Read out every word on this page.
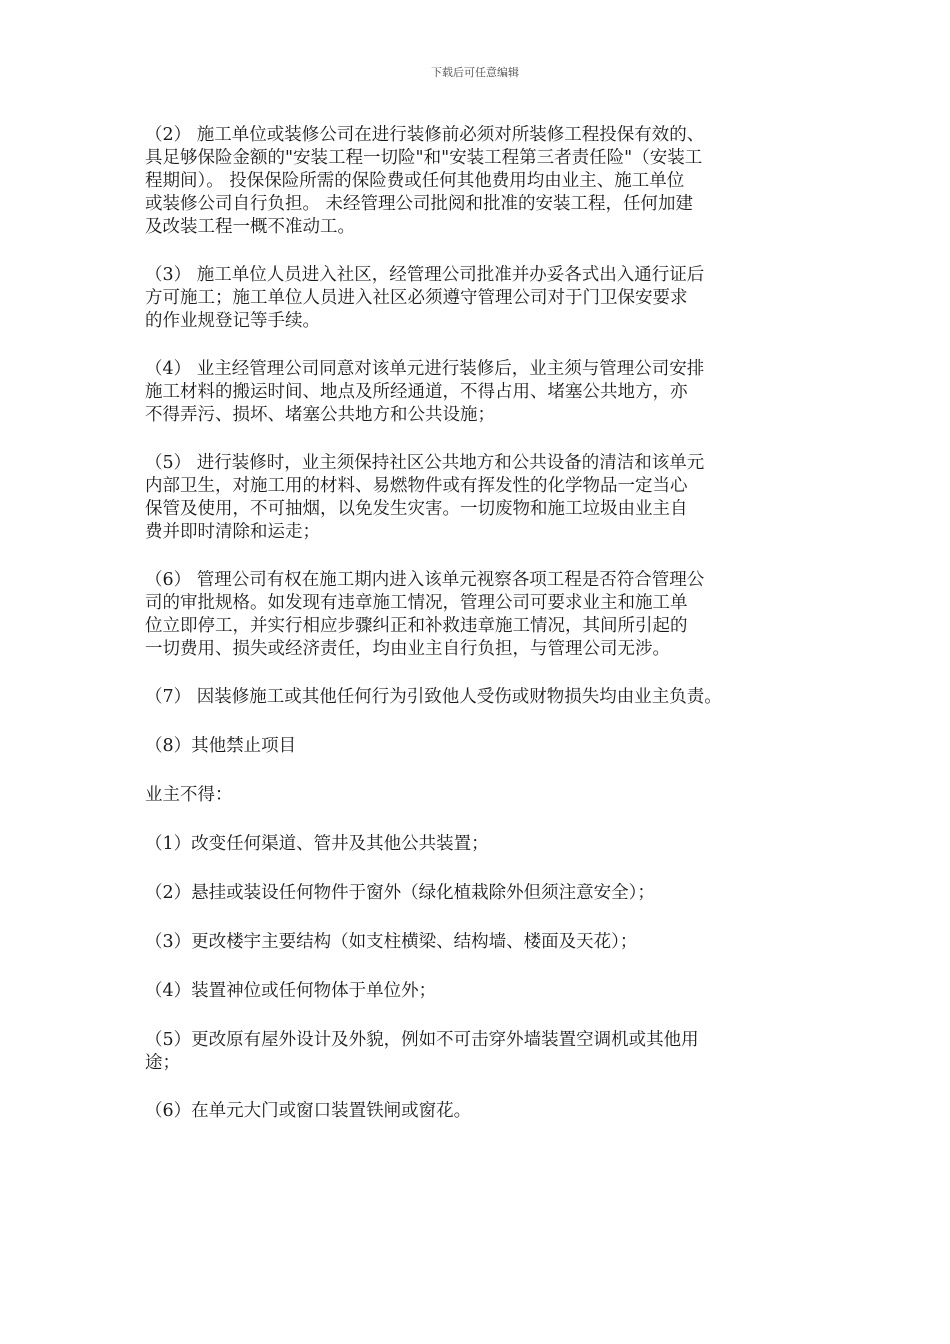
下载后可任意编辑

（2） 施工单位或装修公司在进行装修前必须对所装修工程投保有效的、
具足够保险金额的"安装工程一切险"和"安装工程第三者责任险"（安装工
程期间）。 投保保险所需的保险费或任何其他费用均由业主、施工单位
或装修公司自行负担。 未经管理公司批阅和批准的安装工程，任何加建
及改装工程一概不准动工。

（3） 施工单位人员进入社区，经管理公司批准并办妥各式出入通行证后
方可施工；施工单位人员进入社区必须遵守管理公司对于门卫保安要求
的作业规登记等手续。

（4） 业主经管理公司同意对该单元进行装修后，业主须与管理公司安排
施工材料的搬运时间、地点及所经通道，不得占用、堵塞公共地方，亦
不得弄污、损坏、堵塞公共地方和公共设施；

（5） 进行装修时，业主须保持社区公共地方和公共设备的清洁和该单元
内部卫生，对施工用的材料、易燃物件或有挥发性的化学物品一定当心
保管及使用，不可抽烟，以免发生灾害。一切废物和施工垃圾由业主自
费并即时清除和运走；

（6） 管理公司有权在施工期内进入该单元视察各项工程是否符合管理公
司的审批规格。如发现有违章施工情况，管理公司可要求业主和施工单
位立即停工，并实行相应步骤纠正和补救违章施工情况，其间所引起的
一切费用、损失或经济责任，均由业主自行负担，与管理公司无涉。

（7） 因装修施工或其他任何行为引致他人受伤或财物损失均由业主负责。

（8）其他禁止项目

业主不得：

（1）改变任何渠道、管井及其他公共装置；

（2）悬挂或装设任何物件于窗外（绿化植栽除外但须注意安全）；

（3）更改楼宇主要结构（如支柱横梁、结构墙、楼面及天花）；

（4）装置神位或任何物体于单位外；

（5）更改原有屋外设计及外貌，例如不可击穿外墙装置空调机或其他用
途；

（6）在单元大门或窗口装置铁闸或窗花。
